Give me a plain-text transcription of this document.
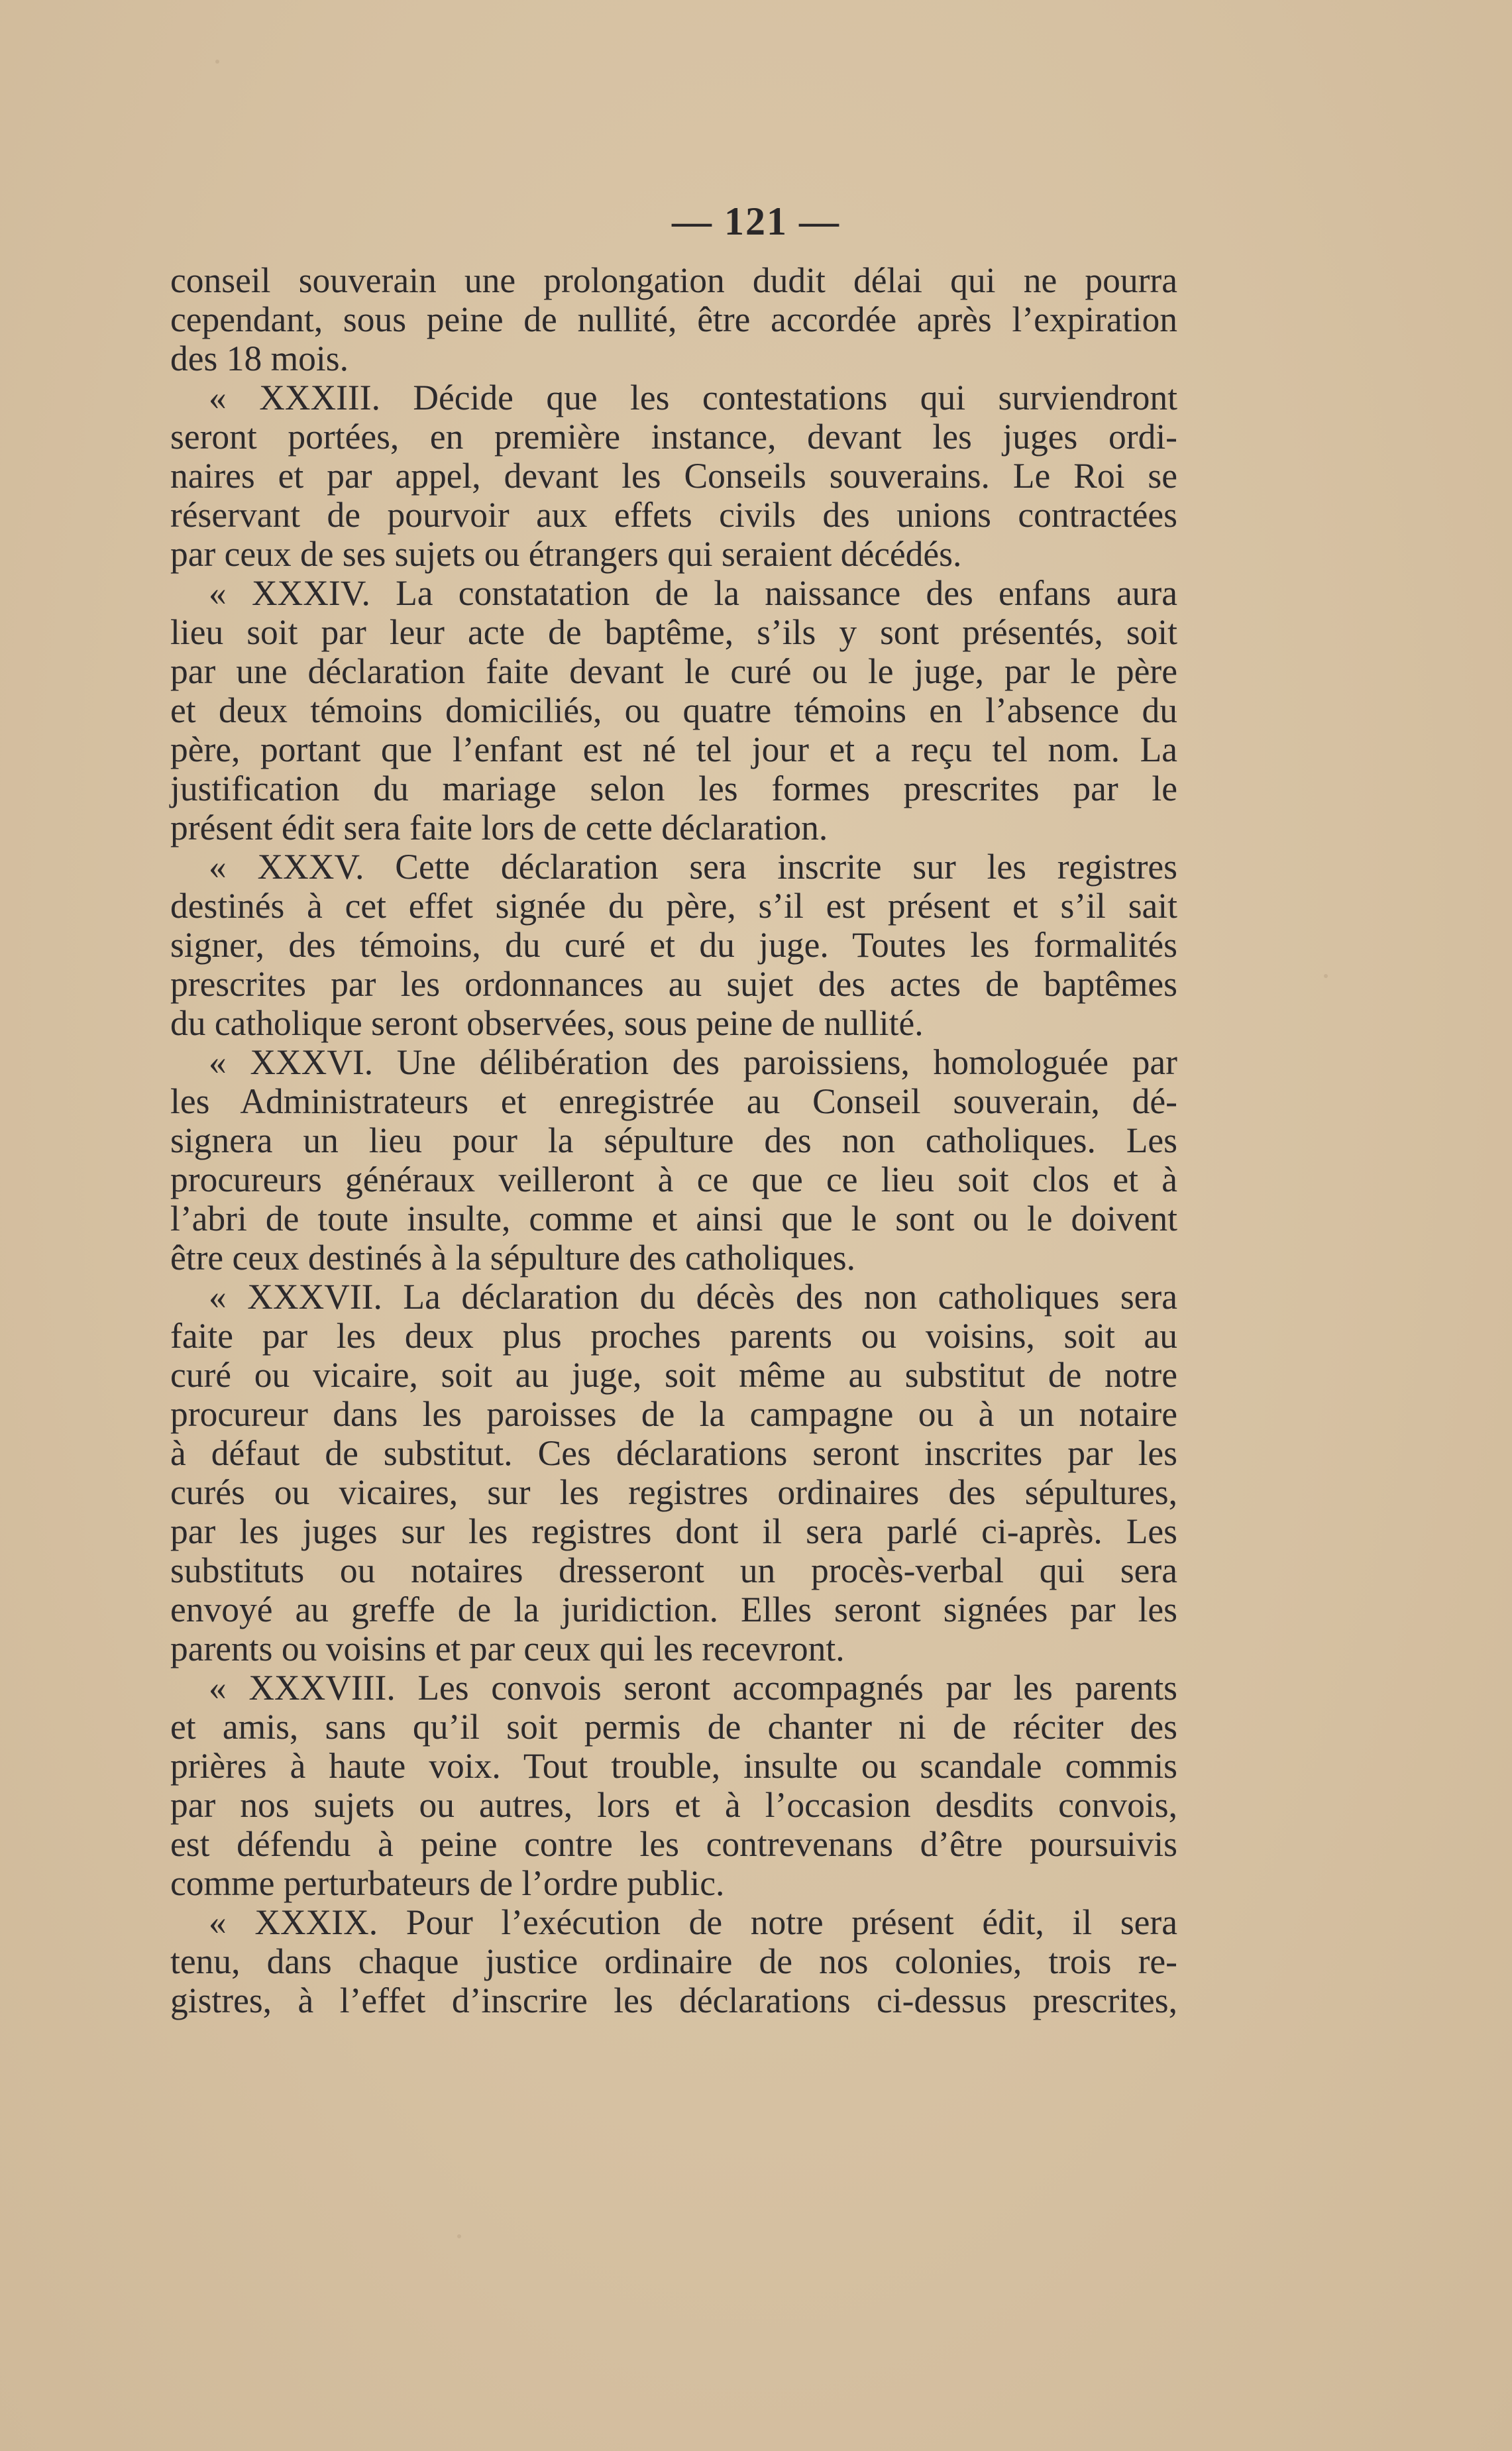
— 121 —
conseil souverain une prolongation dudit délai qui ne pourra
cependant, sous peine de nullité, être accordée après l’expiration
des 18 mois.
« XXXIII. Décide que les contestations qui surviendront
seront portées, en première instance, devant les juges ordi-
naires et par appel, devant les Conseils souverains. Le Roi se
réservant de pourvoir aux effets civils des unions contractées
par ceux de ses sujets ou étrangers qui seraient décédés.
« XXXIV. La constatation de la naissance des enfans aura
lieu soit par leur acte de baptême, s’ils y sont présentés, soit
par une déclaration faite devant le curé ou le juge, par le père
et deux témoins domiciliés, ou quatre témoins en l’absence du
père, portant que l’enfant est né tel jour et a reçu tel nom. La
justification du mariage selon les formes prescrites par le
présent édit sera faite lors de cette déclaration.
« XXXV. Cette déclaration sera inscrite sur les registres
destinés à cet effet signée du père, s’il est présent et s’il sait
signer, des témoins, du curé et du juge. Toutes les formalités
prescrites par les ordonnances au sujet des actes de baptêmes
du catholique seront observées, sous peine de nullité.
« XXXVI. Une délibération des paroissiens, homologuée par
les Administrateurs et enregistrée au Conseil souverain, dé-
signera un lieu pour la sépulture des non catholiques. Les
procureurs généraux veilleront à ce que ce lieu soit clos et à
l’abri de toute insulte, comme et ainsi que le sont ou le doivent
être ceux destinés à la sépulture des catholiques.
« XXXVII. La déclaration du décès des non catholiques sera
faite par les deux plus proches parents ou voisins, soit au
curé ou vicaire, soit au juge, soit même au substitut de notre
procureur dans les paroisses de la campagne ou à un notaire
à défaut de substitut. Ces déclarations seront inscrites par les
curés ou vicaires, sur les registres ordinaires des sépultures,
par les juges sur les registres dont il sera parlé ci-après. Les
substituts ou notaires dresseront un procès-verbal qui sera
envoyé au greffe de la juridiction. Elles seront signées par les
parents ou voisins et par ceux qui les recevront.
« XXXVIII. Les convois seront accompagnés par les parents
et amis, sans qu’il soit permis de chanter ni de réciter des
prières à haute voix. Tout trouble, insulte ou scandale commis
par nos sujets ou autres, lors et à l’occasion desdits convois,
est défendu à peine contre les contrevenans d’être poursuivis
comme perturbateurs de l’ordre public.
« XXXIX. Pour l’exécution de notre présent édit, il sera
tenu, dans chaque justice ordinaire de nos colonies, trois re-
gistres, à l’effet d’inscrire les déclarations ci-dessus prescrites,
